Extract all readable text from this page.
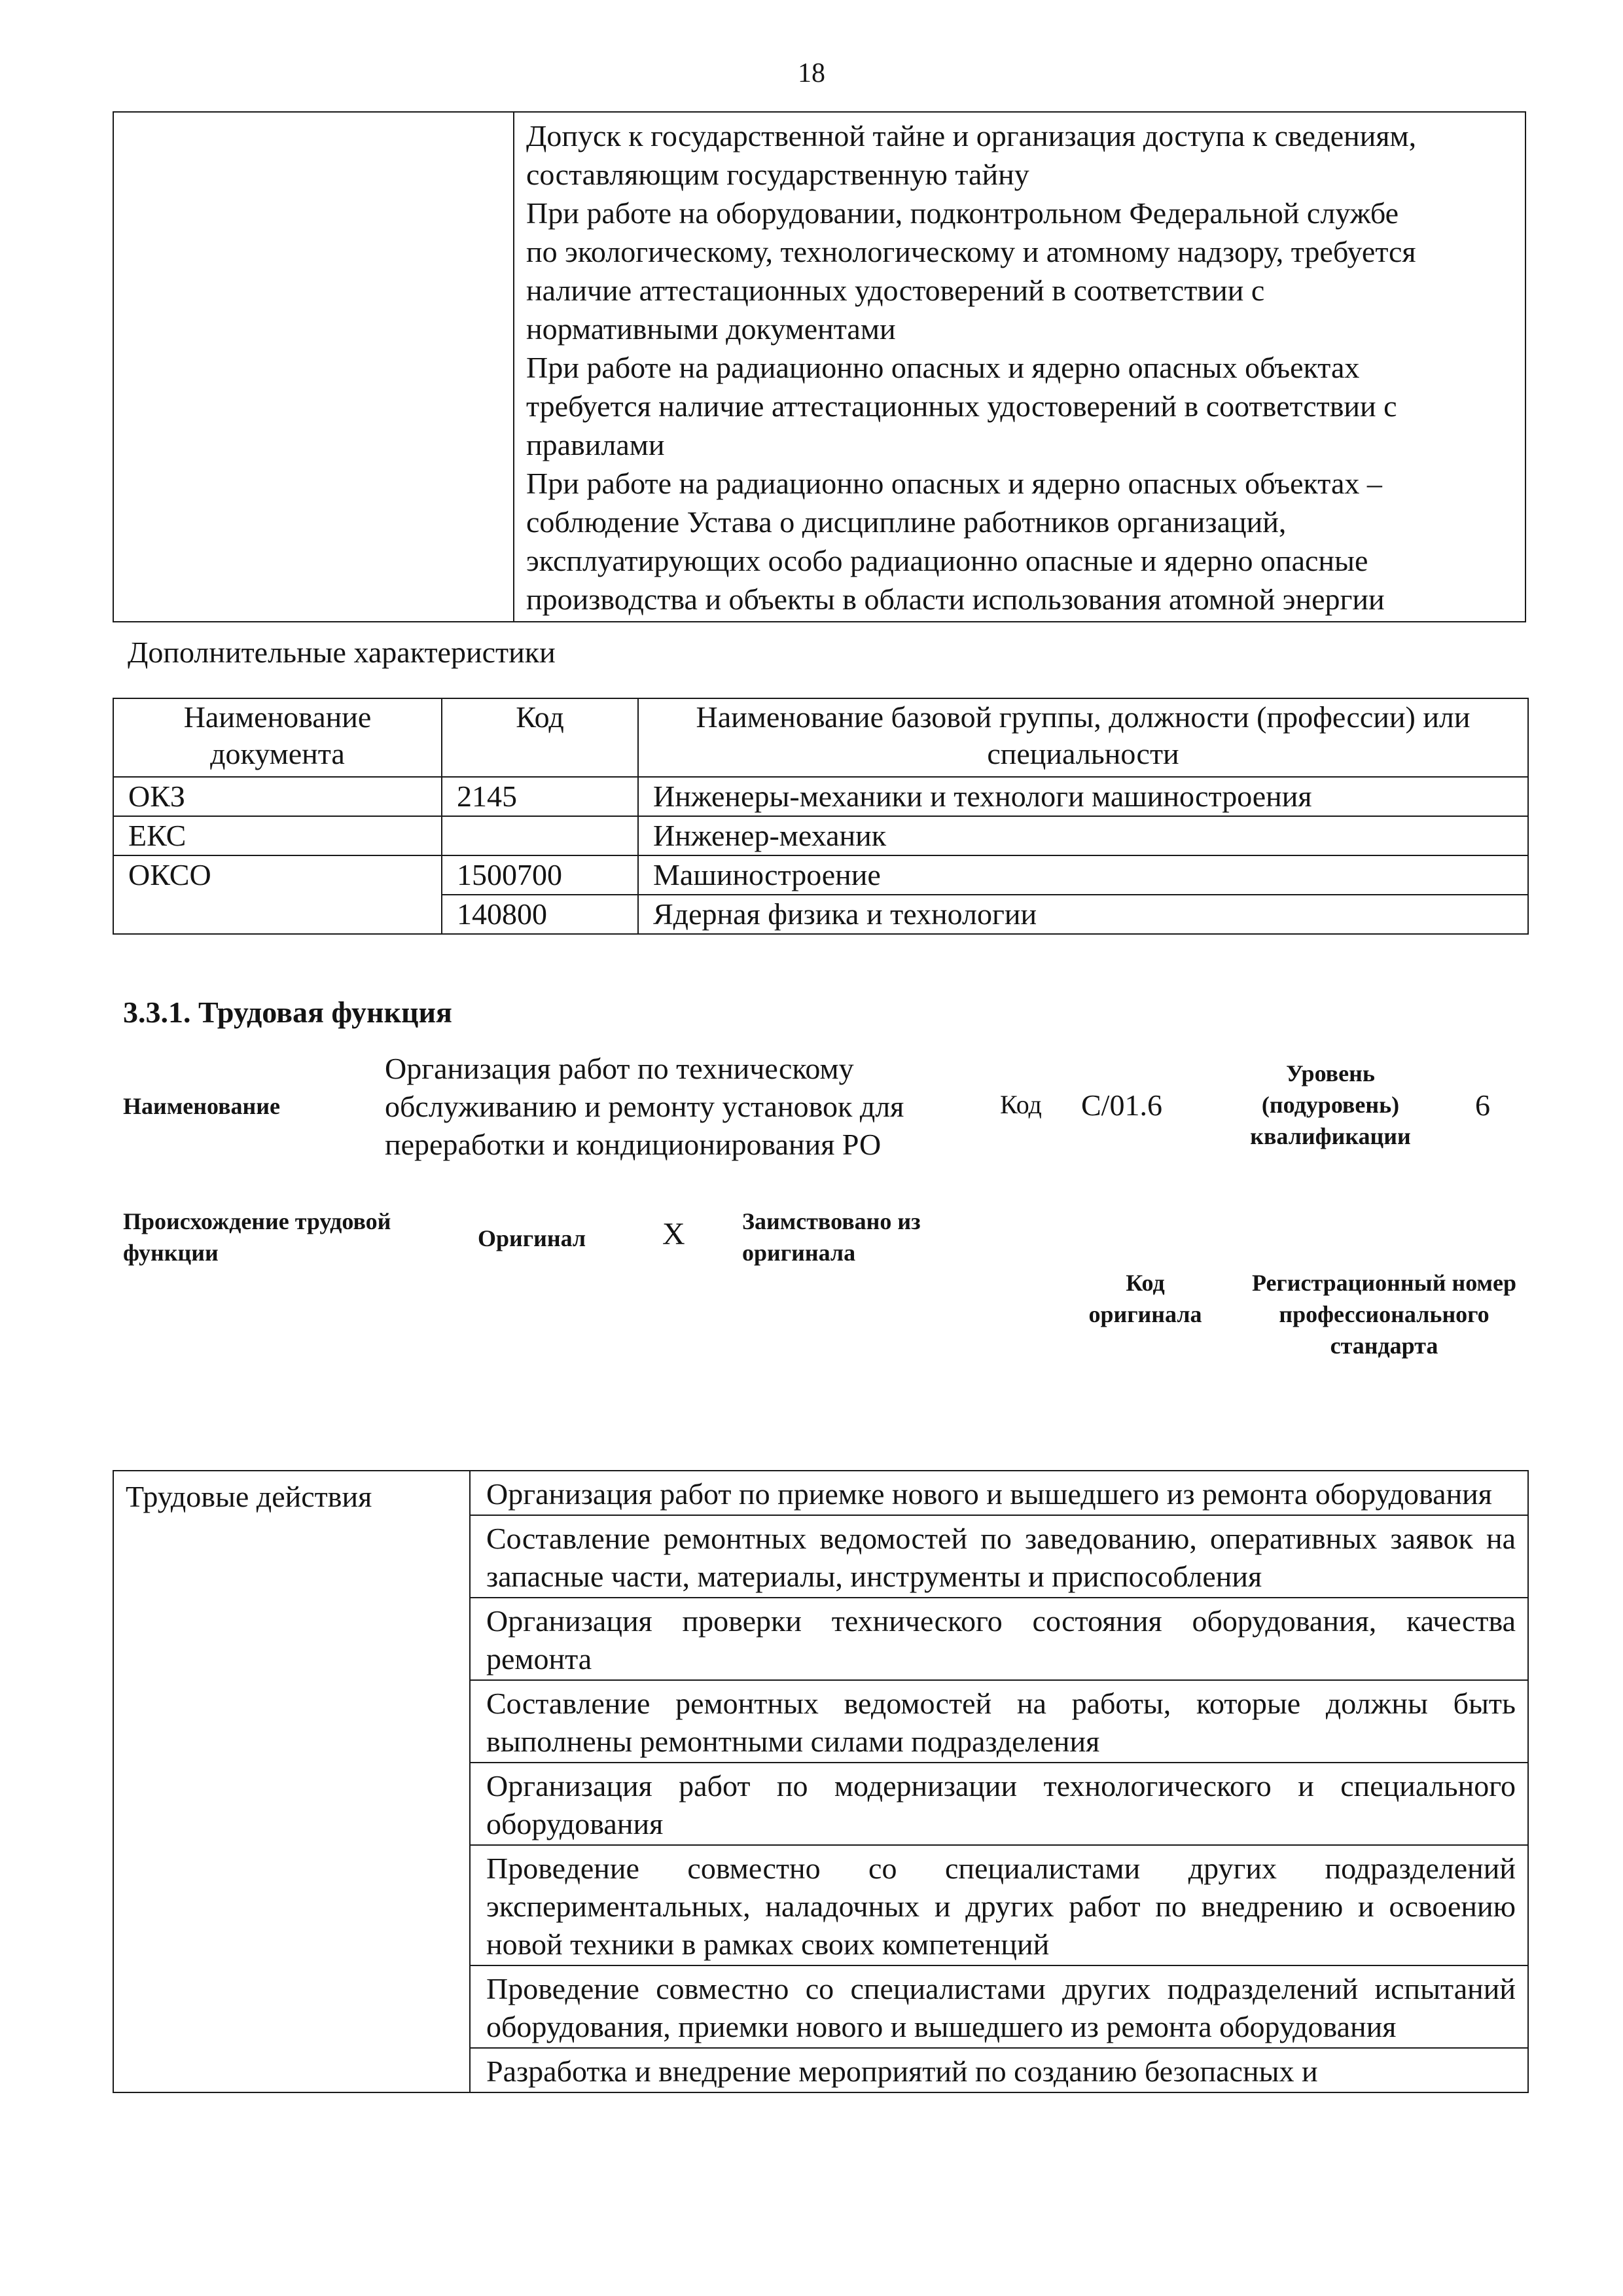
18

Допуск к государственной тайне и организация доступа к сведениям,
составляющим государственную тайну
При работе на оборудовании, подконтрольном Федеральной службе
по экологическому, технологическому и атомному надзору, требуется
наличие аттестационных удостоверений в соответствии с
нормативными документами
При работе на радиационно опасных и ядерно опасных объектах
требуется наличие аттестационных удостоверений в соответствии с
правилами
При работе на радиационно опасных и ядерно опасных объектах –
соблюдение Устава о дисциплине работников организаций,
эксплуатирующих особо радиационно опасные и ядерно опасные
производства и объекты в области использования атомной энергии
Дополнительные характеристики
Наименование документа	Код	Наименование базовой группы, должности (профессии) или специальности
ОКЗ	2145	Инженеры-механики и технологи машиностроения
ЕКС		Инженер-механик
ОКСО	1500700	Машиностроение
	140800	Ядерная физика и технологии
3.3.1. Трудовая функция
Наименование
Организация работ по техническому обслуживанию и ремонту установок для переработки и кондиционирования РО
Код С/01.6
Уровень (подуровень) квалификации
6
Происхождение трудовой функции
Оригинал X Заимствовано из оригинала
Код оригинала
Регистрационный номер профессионального стандарта
Трудовые действия	Организация работ по приемке нового и вышедшего из ремонта оборудования
Составление ремонтных ведомостей по заведованию, оперативных заявок на запасные части, материалы, инструменты и приспособления
Организация проверки технического состояния оборудования, качества ремонта
Составление ремонтных ведомостей на работы, которые должны быть выполнены ремонтными силами подразделения
Организация работ по модернизации технологического и специального оборудования
Проведение совместно со специалистами других подразделений экспериментальных, наладочных и других работ по внедрению и освоению новой техники в рамках своих компетенций
Проведение совместно со специалистами других подразделений испытаний оборудования, приемки нового и вышедшего из ремонта оборудования
Разработка и внедрение мероприятий по созданию безопасных и
